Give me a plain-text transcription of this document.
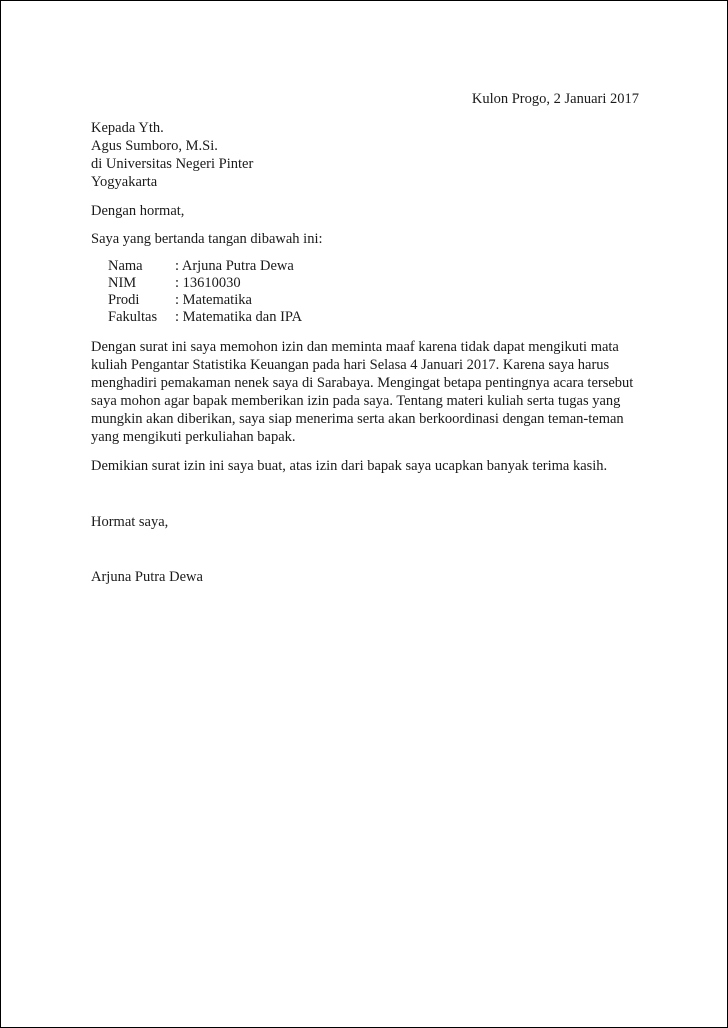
Kulon Progo, 2 Januari 2017

Kepada Yth.

Agus Sumboro, M.Si.

di Universitas Negeri Pinter

Yogyakarta

Dengan hormat,

Saya yang bertanda tangan dibawah ini:

Nama : Arjuna Putra Dewa
NIM	: 13610030
Prodi : Matematika
Fakultas : Matematika dan IPA
Dengan surat ini saya memohon izin dan meminta maaf karena tidak dapat mengikuti mata
kuliah Pengantar Statistika Keuangan pada hari Selasa 4 Januari 2017. Karena saya harus
menghadiri pemakaman nenek saya di Sarabaya. Mengingat betapa pentingnya acara tersebut
saya mohon agar bapak memberikan izin pada saya. Tentang materi kuliah serta tugas yang
mungkin akan diberikan, saya siap menerima serta akan berkoordinasi dengan teman-teman
yang mengikuti perkuliahan bapak.

Demikian surat izin ini saya buat, atas izin dari bapak saya ucapkan banyak terima kasih.

Hormat saya,

Arjuna Putra Dewa
